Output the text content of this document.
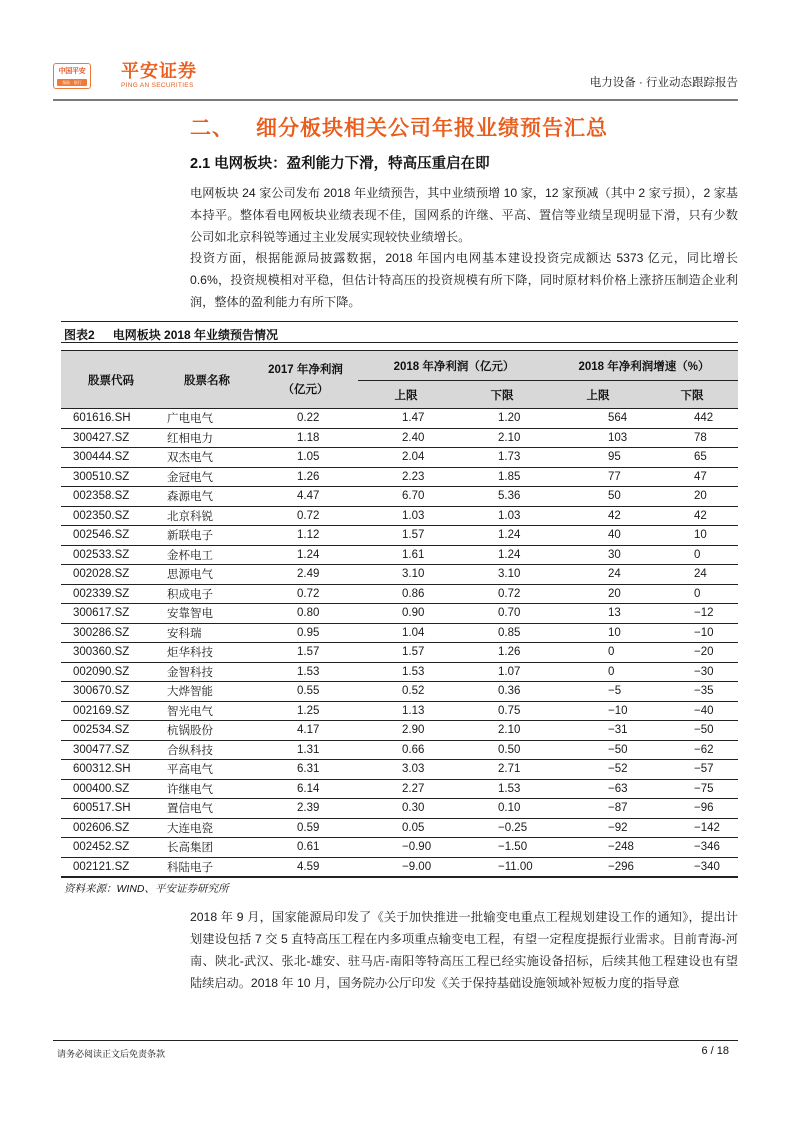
中国平安
保险 · 银行
平安证券
PING AN SECURITIES	电力设备 · 行业动态跟踪报告
二、 细分板块相关公司年报业绩预告汇总
2.1 电网板块：盈利能力下滑，特高压重启在即
电网板块 24 家公司发布 2018 年业绩预告，其中业绩预增 10 家，12 家预减（其中 2 家亏损），2 家基本持平。整体看电网板块业绩表现不佳，国网系的许继、平高、置信等业绩呈现明显下滑，只有少数公司如北京科锐等通过主业发展实现较快业绩增长。
投资方面，根据能源局披露数据，2018 年国内电网基本建设投资完成额达 5373 亿元，同比增长 0.6%，投资规模相对平稳，但估计特高压的投资规模有所下降，同时原材料价格上涨挤压制造企业利润，整体的盈利能力有所下降。
图表2 电网板块 2018 年业绩预告情况
股票代码	股票名称	2017 年净利润（亿元）	2018 年净利润（亿元）		2018 年净利润增速（%）	
			上限	下限	上限	下限
601616.SH	广电电气	0.22	1.47	1.20	564	442
300427.SZ	红相电力	1.18	2.40	2.10	103	78
300444.SZ	双杰电气	1.05	2.04	1.73	95	65
300510.SZ	金冠电气	1.26	2.23	1.85	77	47
002358.SZ	森源电气	4.47	6.70	5.36	50	20
002350.SZ	北京科锐	0.72	1.03	1.03	42	42
002546.SZ	新联电子	1.12	1.57	1.24	40	10
002533.SZ	金杯电工	1.24	1.61	1.24	30	0
002028.SZ	思源电气	2.49	3.10	3.10	24	24
002339.SZ	积成电子	0.72	0.86	0.72	20	0
300617.SZ	安靠智电	0.80	0.90	0.70	13	−12
300286.SZ	安科瑞	0.95	1.04	0.85	10	−10
300360.SZ	炬华科技	1.57	1.57	1.26	0	−20
002090.SZ	金智科技	1.53	1.53	1.07	0	−30
300670.SZ	大烨智能	0.55	0.52	0.36	−5	−35
002169.SZ	智光电气	1.25	1.13	0.75	−10	−40
002534.SZ	杭锅股份	4.17	2.90	2.10	−31	−50
300477.SZ	合纵科技	1.31	0.66	0.50	−50	−62
600312.SH	平高电气	6.31	3.03	2.71	−52	−57
000400.SZ	许继电气	6.14	2.27	1.53	−63	−75
600517.SH	置信电气	2.39	0.30	0.10	−87	−96
002606.SZ	大连电瓷	0.59	0.05	−0.25	−92	−142
002452.SZ	长高集团	0.61	−0.90	−1.50	−248	−346
002121.SZ	科陆电子	4.59	−9.00	−11.00	−296	−340
资料来源：WIND、平安证券研究所
2018 年 9 月，国家能源局印发了《关于加快推进一批输变电重点工程规划建设工作的通知》，提出计划建设包括 7 交 5 直特高压工程在内多项重点输变电工程，有望一定程度提振行业需求。目前青海-河南、陕北-武汉、张北-雄安、驻马店-南阳等特高压工程已经实施设备招标，后续其他工程建设也有望陆续启动。2018 年 10 月，国务院办公厅印发《关于保持基础设施领域补短板力度的指导意
请务必阅读正文后免责条款	6 / 18
